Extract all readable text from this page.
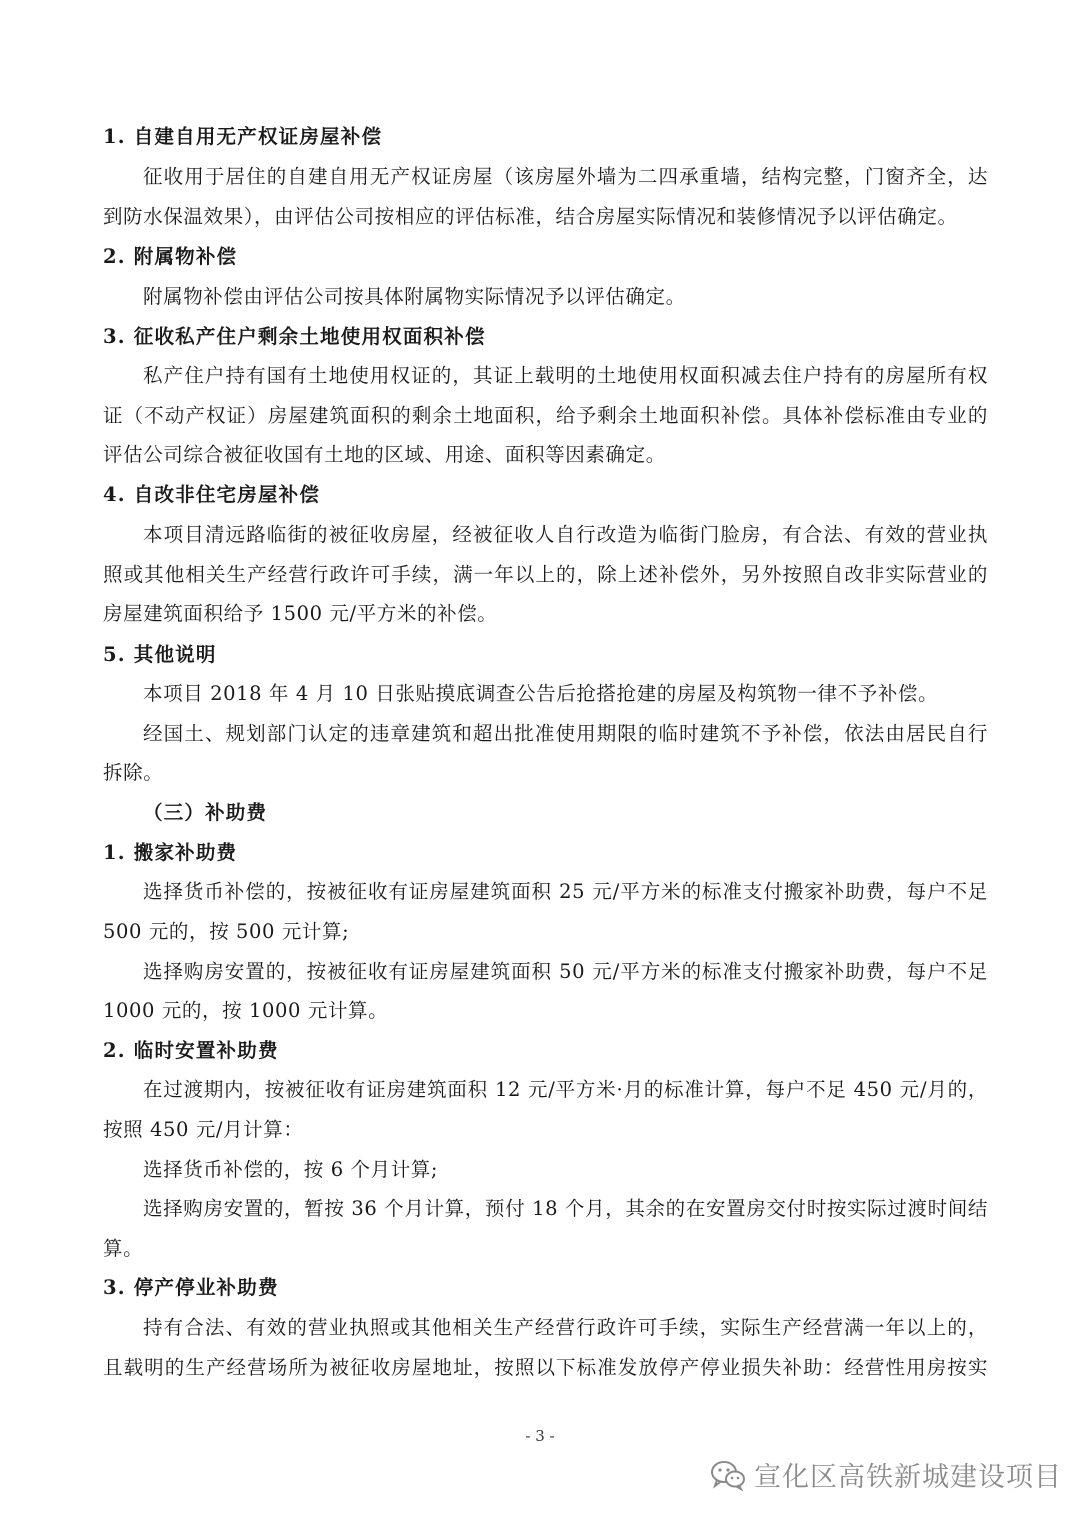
1. 自建自用无产权证房屋补偿
征收用于居住的自建自用无产权证房屋（该房屋外墙为二四承重墙，结构完整，门窗齐全，达
到防水保温效果），由评估公司按相应的评估标准，结合房屋实际情况和装修情况予以评估确定。
2. 附属物补偿
附属物补偿由评估公司按具体附属物实际情况予以评估确定。
3. 征收私产住户剩余土地使用权面积补偿
私产住户持有国有土地使用权证的，其证上载明的土地使用权面积减去住户持有的房屋所有权
证（不动产权证）房屋建筑面积的剩余土地面积，给予剩余土地面积补偿。具体补偿标准由专业的
评估公司综合被征收国有土地的区域、用途、面积等因素确定。
4. 自改非住宅房屋补偿
本项目清远路临街的被征收房屋，经被征收人自行改造为临街门脸房，有合法、有效的营业执
照或其他相关生产经营行政许可手续，满一年以上的，除上述补偿外，另外按照自改非实际营业的
房屋建筑面积给予 1500 元/平方米的补偿。
5. 其他说明
本项目 2018 年 4 月 10 日张贴摸底调查公告后抢搭抢建的房屋及构筑物一律不予补偿。
经国土、规划部门认定的违章建筑和超出批准使用期限的临时建筑不予补偿，依法由居民自行
拆除。
（三）补助费
1. 搬家补助费
选择货币补偿的，按被征收有证房屋建筑面积 25 元/平方米的标准支付搬家补助费，每户不足
500 元的，按 500 元计算;
选择购房安置的，按被征收有证房屋建筑面积 50 元/平方米的标准支付搬家补助费，每户不足
1000 元的，按 1000 元计算。
2. 临时安置补助费
在过渡期内，按被征收有证房建筑面积 12 元/平方米·月的标准计算，每户不足 450 元/月的，
按照 450 元/月计算：
选择货币补偿的，按 6 个月计算;
选择购房安置的，暂按 36 个月计算，预付 18 个月，其余的在安置房交付时按实际过渡时间结
算。
3. 停产停业补助费
持有合法、有效的营业执照或其他相关生产经营行政许可手续，实际生产经营满一年以上的，
且载明的生产经营场所为被征收房屋地址，按照以下标准发放停产停业损失补助：经营性用房按实
- 3 -
宣化区高铁新城建设项目
